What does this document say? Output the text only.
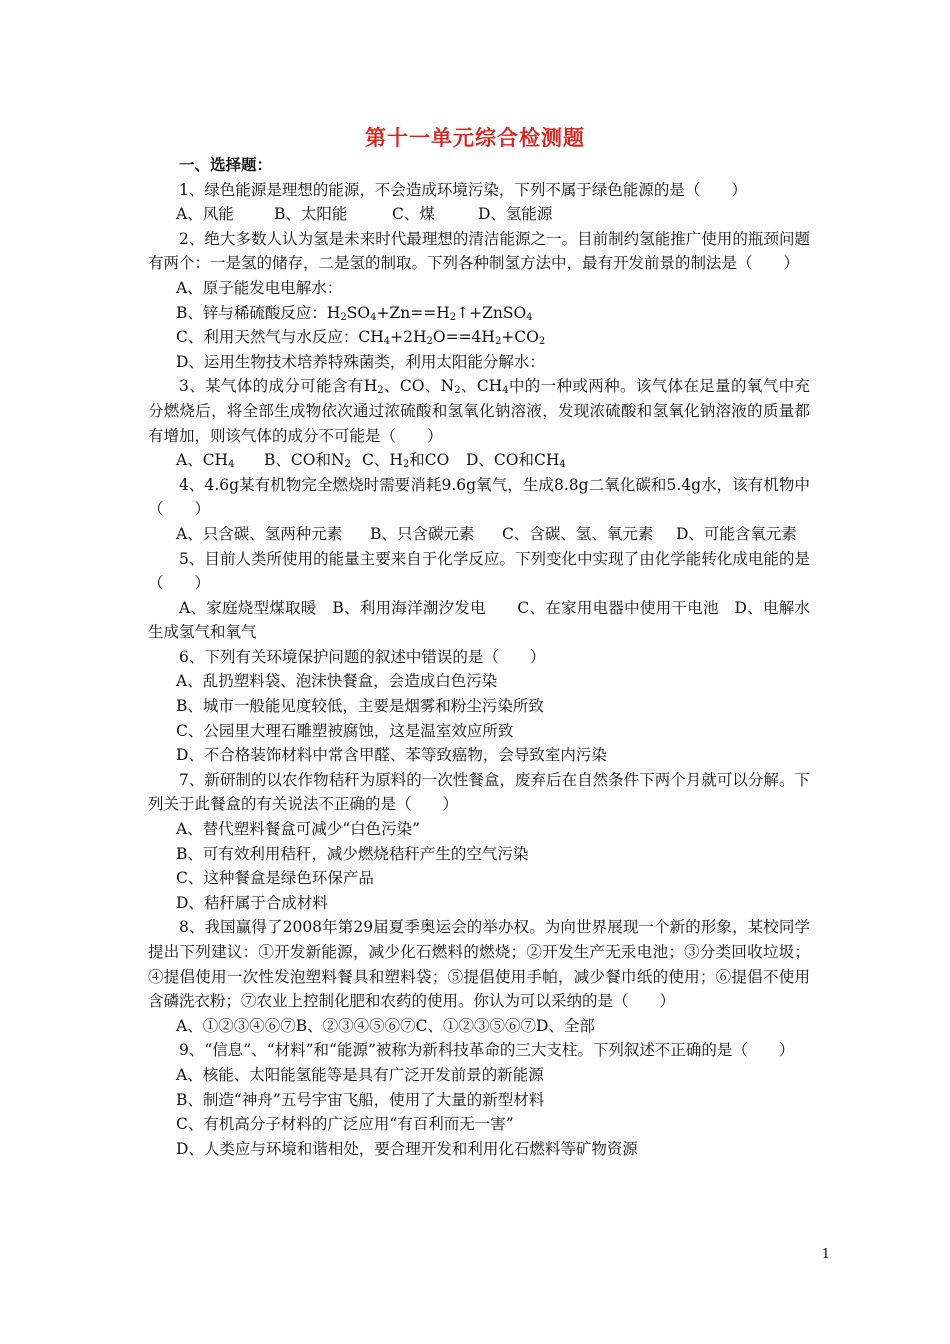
第十一单元综合检测题

一、选择题：

1、绿色能源是理想的能源，不会造成环境污染，下列不属于绿色能源的是（　　）

A、风能	B、太阳能	C、煤	D、氢能源

2、绝大多数人认为氢是未来时代最理想的清洁能源之一。目前制约氢能推广使用的瓶颈问题有两个：一是氢的储存，二是氢的制取。下列各种制氢方法中，最有开发前景的制法是（　　）

A、原子能发电电解水：

B、锌与稀硫酸反应：$H_2SO_4+Zn==H_2↑+ZnSO_4$

C、利用天然气与水反应：$CH_4+2H_2O==4H_2+CO_2$

D、运用生物技术培养特殊菌类，利用太阳能分解水：

3、某气体的成分可能含有$H_2$、CO、$N_2$、$CH_4$中的一种或两种。该气体在足量的氧气中充分燃烧后，将全部生成物依次通过浓硫酸和氢氧化钠溶液，发现浓硫酸和氢氧化钠溶液的质量都有增加，则该气体的成分不可能是（　　）

A、$CH_4$	B、CO和$N_2$ C、$H_2$和CO	D、CO和$CH_4$

4、4.6g某有机物完全燃烧时需要消耗9.6g氧气，生成8.8g二氧化碳和5.4g水，该有机物中（　　）

A、只含碳、氢两种元素	B、只含碳元素	C、含碳、氢、氧元素	D、可能含氧元素

5、目前人类所使用的能量主要来自于化学反应。下列变化中实现了由化学能转化成电能的是（　　）

A、家庭烧型煤取暖　B、利用海洋潮汐发电　　C、在家用电器中使用干电池　D、电解水生成氢气和氧气

6、下列有关环境保护问题的叙述中错误的是（　　）

A、乱扔塑料袋、泡沫快餐盒，会造成白色污染

B、城市一般能见度较低，主要是烟雾和粉尘污染所致

C、公园里大理石雕塑被腐蚀，这是温室效应所致

D、不合格装饰材料中常含甲醛、苯等致癌物，会导致室内污染

7、新研制的以农作物秸秆为原料的一次性餐盒，废弃后在自然条件下两个月就可以分解。下列关于此餐盒的有关说法不正确的是（　　）

A、替代塑料餐盒可减少“白色污染”

B、可有效利用秸秆，减少燃烧秸秆产生的空气污染

C、这种餐盒是绿色环保产品

D、秸秆属于合成材料

8、我国赢得了2008年第29届夏季奥运会的举办权。为向世界展现一个新的形象，某校同学提出下列建议：①开发新能源，减少化石燃料的燃烧；②开发生产无汞电池；③分类回收垃圾；④提倡使用一次性发泡塑料餐具和塑料袋；⑤提倡使用手帕，减少餐巾纸的使用；⑥提倡不使用含磷洗衣粉；⑦农业上控制化肥和农药的使用。你认为可以采纳的是（　　）

A、①②③④⑥⑦B、②③④⑤⑥⑦C、①②③⑤⑥⑦D、全部

9、“信息”、“材料”和“能源”被称为新科技革命的三大支柱。下列叙述不正确的是（　　）

A、核能、太阳能氢能等是具有广泛开发前景的新能源

B、制造“神舟”五号宇宙飞船，使用了大量的新型材料

C、有机高分子材料的广泛应用“有百利而无一害”

D、人类应与环境和谐相处，要合理开发和利用化石燃料等矿物资源

1
